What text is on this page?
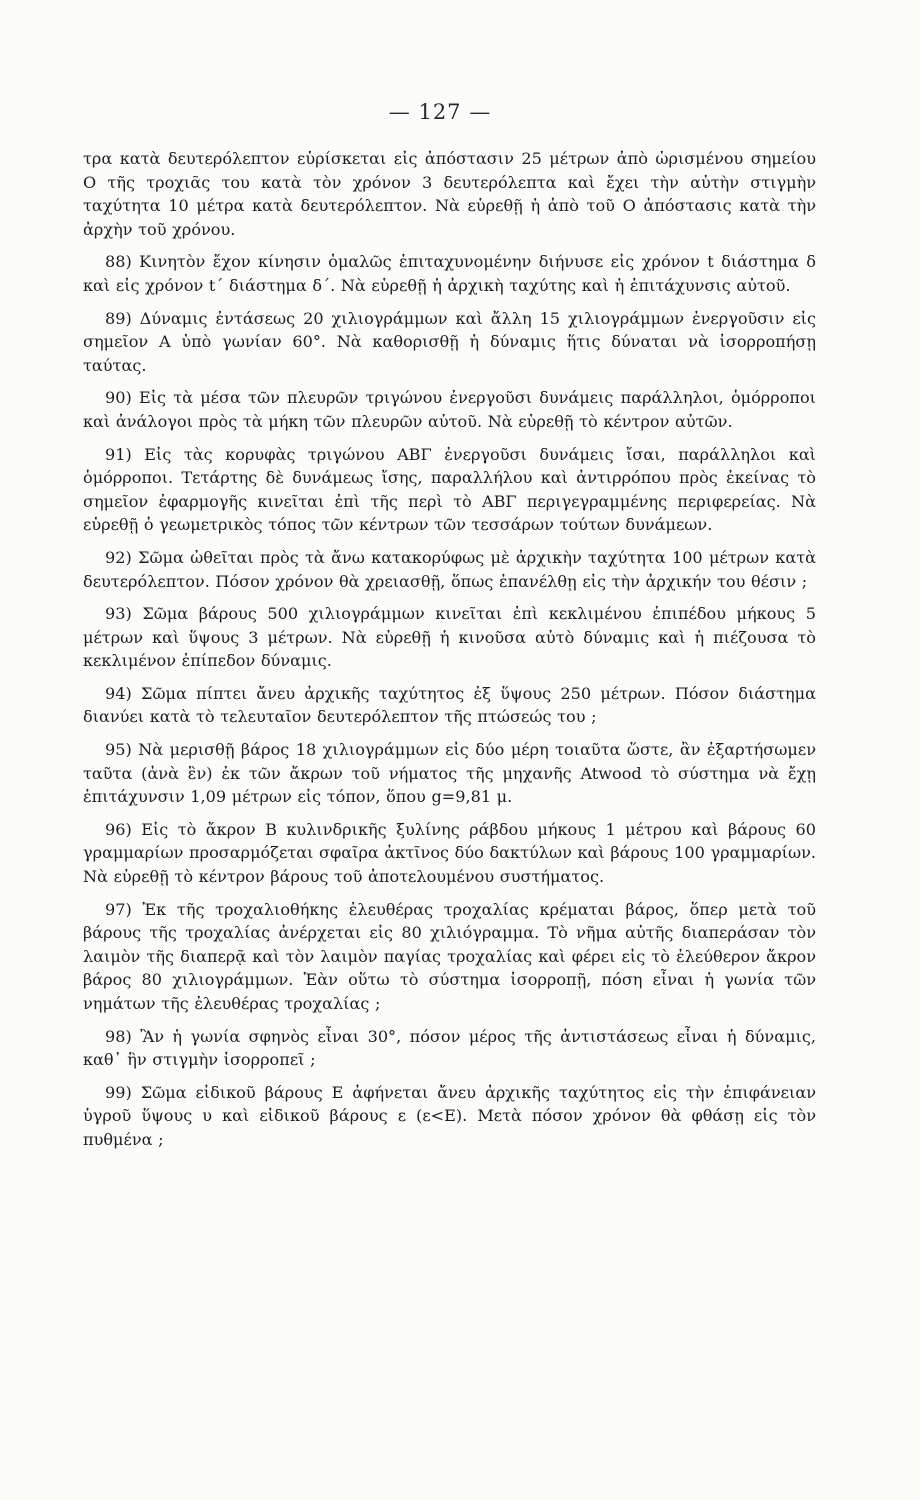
— 127 —

τρα κατὰ δευτερόλεπτον εὑρίσκεται εἰς ἀπόστασιν 25 μέτρων ἀπὸ ὡρισμένου σημείου Ο τῆς τροχιᾶς του κατὰ τὸν χρόνον 3 δευτερόλεπτα καὶ ἔχει τὴν αὐτὴν στιγμὴν ταχύτητα 10 μέτρα κατὰ δευτερόλεπτον. Νὰ εὑρεθῇ ἡ ἀπὸ τοῦ Ο ἀπόστασις κατὰ τὴν ἀρχὴν τοῦ χρόνου.

88) Κινητὸν ἔχον κίνησιν ὁμαλῶς ἐπιταχυνομένην διήνυσε εἰς χρόνον t διάστημα δ καὶ εἰς χρόνον t΄ διάστημα δ΄. Νὰ εὑρεθῇ ἡ ἀρχικὴ ταχύτης καὶ ἡ ἐπιτάχυνσις αὐτοῦ.

89) Δύναμις ἐντάσεως 20 χιλιογράμμων καὶ ἄλλη 15 χιλιογράμμων ἐνεργοῦσιν εἰς σημεῖον Α ὑπὸ γωνίαν 60°. Νὰ καθορισθῇ ἡ δύναμις ἥτις δύναται νὰ ἰσορροπήσῃ ταύτας.

90) Εἰς τὰ μέσα τῶν πλευρῶν τριγώνου ἐνεργοῦσι δυνάμεις παράλληλοι, ὁμόρροποι καὶ ἀνάλογοι πρὸς τὰ μήκη τῶν πλευρῶν αὐτοῦ. Νὰ εὑρεθῇ τὸ κέντρον αὐτῶν.

91) Εἰς τὰς κορυφὰς τριγώνου ΑΒΓ ἐνεργοῦσι δυνάμεις ἴσαι, παράλληλοι καὶ ὁμόρροποι. Τετάρτης δὲ δυνάμεως ἴσης, παραλλήλου καὶ ἀντιρρόπου πρὸς ἐκείνας τὸ σημεῖον ἐφαρμογῆς κινεῖται ἐπὶ τῆς περὶ τὸ ΑΒΓ περιγεγραμμένης περιφερείας. Νὰ εὑρεθῇ ὁ γεωμετρικὸς τόπος τῶν κέντρων τῶν τεσσάρων τούτων δυνάμεων.

92) Σῶμα ὠθεῖται πρὸς τὰ ἄνω κατακορύφως μὲ ἀρχικὴν ταχύτητα 100 μέτρων κατὰ δευτερόλεπτον. Πόσον χρόνον θὰ χρειασθῇ, ὅπως ἐπανέλθῃ εἰς τὴν ἀρχικήν του θέσιν ;

93) Σῶμα βάρους 500 χιλιογράμμων κινεῖται ἐπὶ κεκλιμένου ἐπιπέδου μήκους 5 μέτρων καὶ ὕψους 3 μέτρων. Νὰ εὑρεθῇ ἡ κινοῦσα αὐτὸ δύναμις καὶ ἡ πιέζουσα τὸ κεκλιμένον ἐπίπεδον δύναμις.

94) Σῶμα πίπτει ἄνευ ἀρχικῆς ταχύτητος ἐξ ὕψους 250 μέτρων. Πόσον διάστημα διανύει κατὰ τὸ τελευταῖον δευτερόλεπτον τῆς πτώσεώς του ;

95) Νὰ μερισθῇ βάρος 18 χιλιογράμμων εἰς δύο μέρη τοιαῦτα ὥστε, ἂν ἐξαρτήσωμεν ταῦτα (ἀνὰ ἓν) ἐκ τῶν ἄκρων τοῦ νήματος τῆς μηχανῆς Atwood τὸ σύστημα νὰ ἔχῃ ἐπιτάχυνσιν 1,09 μέτρων εἰς τόπον, ὅπου g=9,81 μ.

96) Εἰς τὸ ἄκρον Β κυλινδρικῆς ξυλίνης ράβδου μήκους 1 μέτρου καὶ βάρους 60 γραμμαρίων προσαρμόζεται σφαῖρα ἀκτῖνος δύο δακτύλων καὶ βάρους 100 γραμμαρίων. Νὰ εὑρεθῇ τὸ κέντρον βάρους τοῦ ἀποτελουμένου συστήματος.

97) Ἐκ τῆς τροχαλιοθήκης ἐλευθέρας τροχαλίας κρέμαται βάρος, ὅπερ μετὰ τοῦ βάρους τῆς τροχαλίας ἀνέρχεται εἰς 80 χιλιόγραμμα. Τὸ νῆμα αὐτῆς διαπεράσαν τὸν λαιμὸν τῆς διαπερᾷ καὶ τὸν λαιμὸν παγίας τροχαλίας καὶ φέρει εἰς τὸ ἐλεύθερον ἄκρον βάρος 80 χιλιογράμμων. Ἐὰν οὕτω τὸ σύστημα ἰσορροπῇ, πόση εἶναι ἡ γωνία τῶν νημάτων τῆς ἐλευθέρας τροχαλίας ;

98) Ἂν ἡ γωνία σφηνὸς εἶναι 30°, πόσον μέρος τῆς ἀντιστάσεως εἶναι ἡ δύναμις, καθ᾽ ἣν στιγμὴν ἰσορροπεῖ ;

99) Σῶμα εἰδικοῦ βάρους Ε ἀφήνεται ἄνευ ἀρχικῆς ταχύτητος εἰς τὴν ἐπιφάνειαν ὑγροῦ ὕψους υ καὶ εἰδικοῦ βάρους ε (ε<Ε). Μετὰ πόσον χρόνον θὰ φθάσῃ εἰς τὸν πυθμένα ;
